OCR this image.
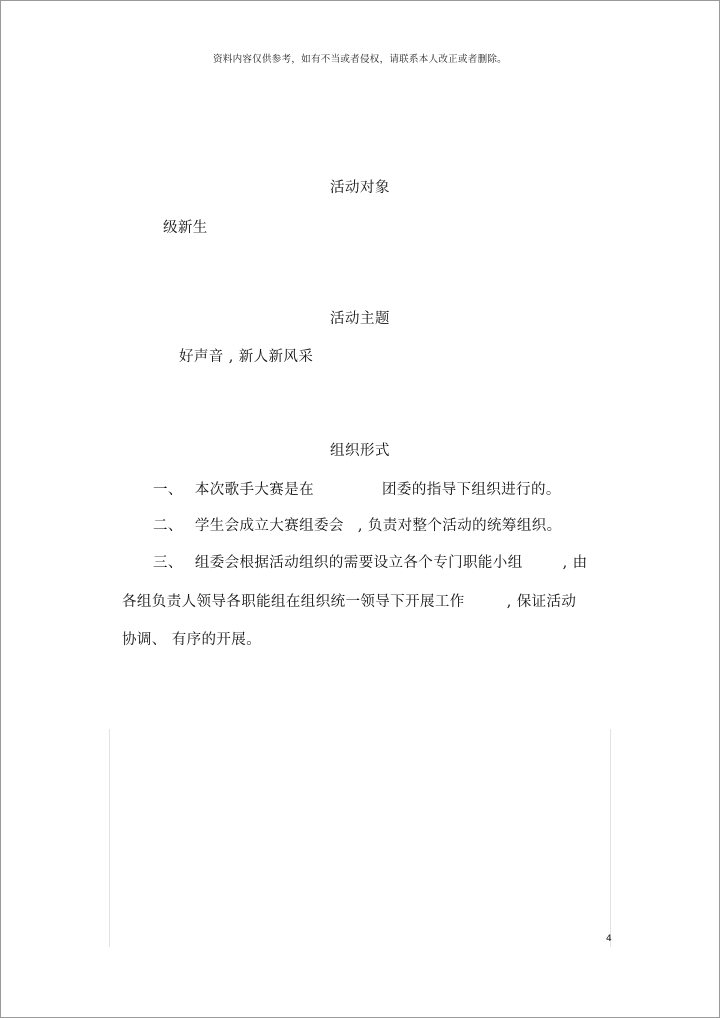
资料内容仅供参考，如有不当或者侵权，请联系本人改正或者删除。
活动对象
级新生
活动主题
好声音 , 新人新风采
组织形式
一、 本次歌手大赛是在	团委的指导下组织进行的。
二、 学生会成立大赛组委会 , 负责对整个活动的统筹组织。
三、 组委会根据活动组织的需要设立各个专门职能小组	, 由
各组负责人领导各职能组在组织统一领导下开展工作	, 保证活动
协调、 有序的开展。
4
